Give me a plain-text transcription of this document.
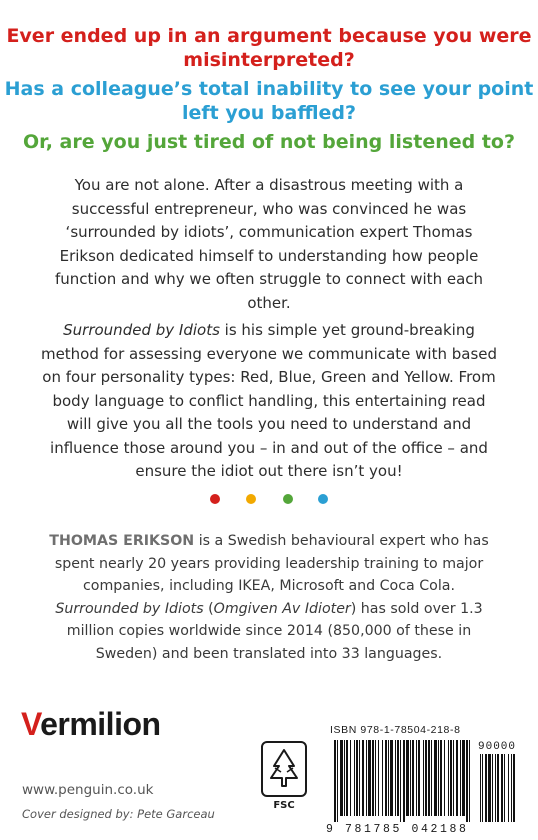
Ever ended up in an argument because you were misinterpreted?

Has a colleague’s total inability to see your point left you baffled?

Or, are you just tired of not being listened to?

You are not alone. After a disastrous meeting with a successful entrepreneur, who was convinced he was ‘surrounded by idiots’, communication expert Thomas Erikson dedicated himself to understanding how people function and why we often struggle to connect with each other.

Surrounded by Idiots is his simple yet ground-breaking method for assessing everyone we communicate with based on four personality types: Red, Blue, Green and Yellow. From body language to conflict handling, this entertaining read will give you all the tools you need to understand and influence those around you – in and out of the office – and ensure the idiot out there isn’t you!

THOMAS ERIKSON is a Swedish behavioural expert who has spent nearly 20 years providing leadership training to major companies, including IKEA, Microsoft and Coca Cola. Surrounded by Idiots (Omgiven Av Idioter) has sold over 1.3 million copies worldwide since 2014 (850,000 of these in Sweden) and been translated into 33 languages.

Vermilion
www.penguin.co.uk
Cover designed by: Pete Garceau
FSC
ISBN 978-1-78504-218-8
90000
9 781785 042188
